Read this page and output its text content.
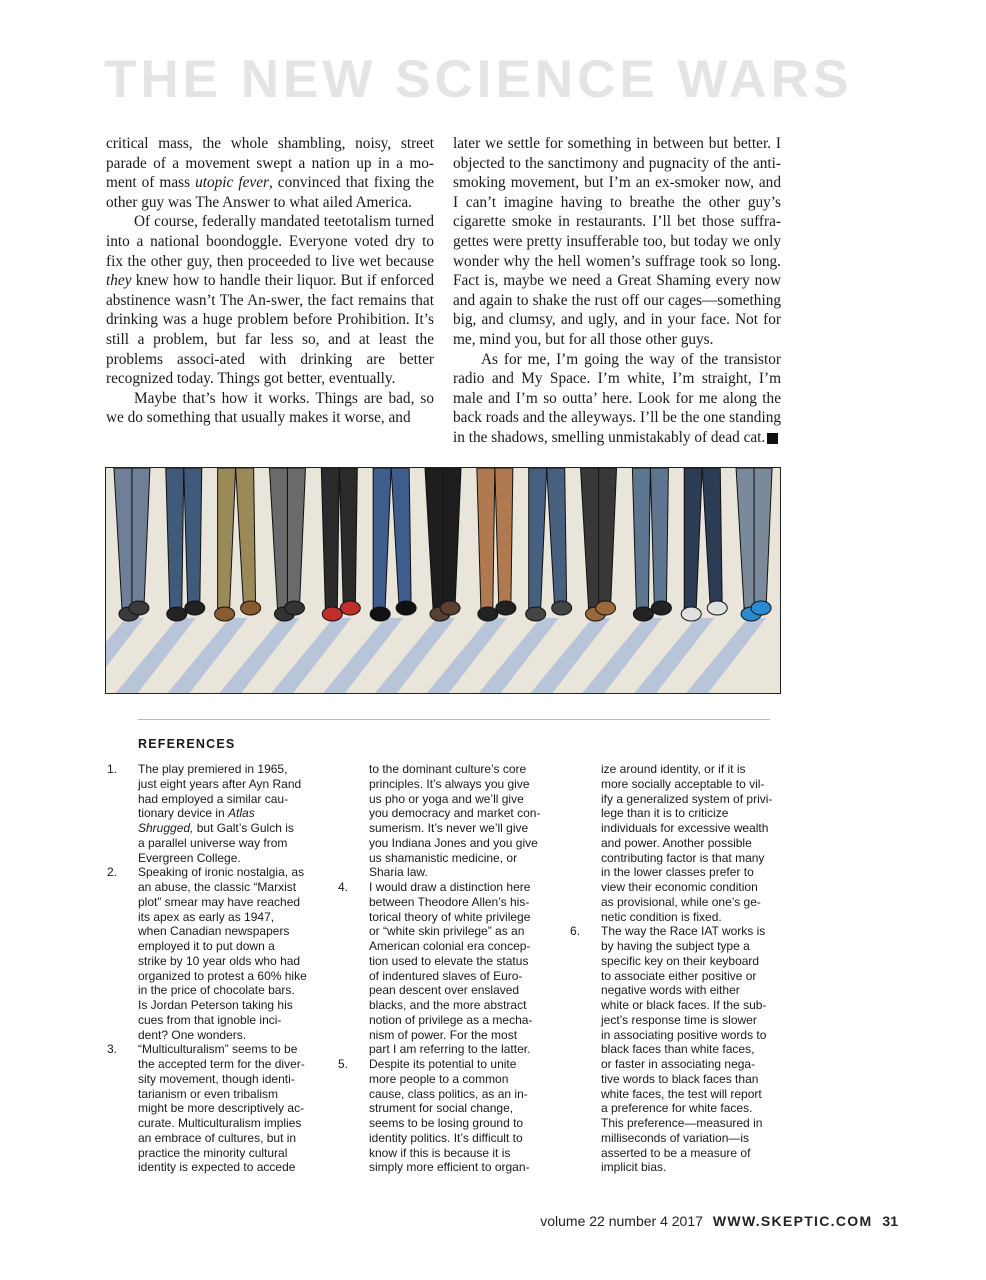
THE NEW SCIENCE WARS

critical mass, the whole shambling, noisy, street parade of a movement swept a nation up in a mo-ment of mass utopic fever, convinced that fixing the other guy was The Answer to what ailed America.

Of course, federally mandated teetotalism turned into a national boondoggle. Everyone voted dry to fix the other guy, then proceeded to live wet because they knew how to handle their liquor. But if enforced abstinence wasn’t The An-swer, the fact remains that drinking was a huge problem before Prohibition. It’s still a problem, but far less so, and at least the problems associ-ated with drinking are better recognized today. Things got better, eventually.

Maybe that’s how it works. Things are bad, so we do something that usually makes it worse, and

later we settle for something in between but better. I objected to the sanctimony and pugnacity of the anti-smoking movement, but I’m an ex-smoker now, and I can’t imagine having to breathe the other guy’s cigarette smoke in restaurants. I’ll bet those suffra-gettes were pretty insufferable too, but today we only wonder why the hell women’s suffrage took so long. Fact is, maybe we need a Great Shaming every now and again to shake the rust off our cages—something big, and clumsy, and ugly, and in your face. Not for me, mind you, but for all those other guys.

As for me, I’m going the way of the transistor radio and My Space. I’m white, I’m straight, I’m male and I’m so outta’ here. Look for me along the back roads and the alleyways. I’ll be the one standing in the shadows, smelling unmistakably of dead cat.	S

REFERENCES
1. The play premiered in 1965,
just eight years after Ayn Rand
had employed a similar cau-
tionary device in Atlas
Shrugged, but Galt’s Gulch is
a parallel universe way from
Evergreen College.
2. Speaking of ironic nostalgia, as
an abuse, the classic “Marxist
plot” smear may have reached
its apex as early as 1947,
when Canadian newspapers
employed it to put down a
strike by 10 year olds who had
organized to protest a 60% hike
in the price of chocolate bars.
Is Jordan Peterson taking his
cues from that ignoble inci-
dent? One wonders.
3. “Multiculturalism” seems to be
the accepted term for the diver-
sity movement, though identi-
tarianism or even tribalism
might be more descriptively ac-
curate. Multiculturalism implies
an embrace of cultures, but in
practice the minority cultural
identity is expected to accede
to the dominant culture’s core
principles. It’s always you give
us pho or yoga and we’ll give
you democracy and market con-
sumerism. It’s never we’ll give
you Indiana Jones and you give
us shamanistic medicine, or
Sharia law.
4. I would draw a distinction here
between Theodore Allen’s his-
torical theory of white privilege
or “white skin privilege” as an
American colonial era concep-
tion used to elevate the status
of indentured slaves of Euro-
pean descent over enslaved
blacks, and the more abstract
notion of privilege as a mecha-
nism of power. For the most
part I am referring to the latter.
5. Despite its potential to unite
more people to a common
cause, class politics, as an in-
strument for social change,
seems to be losing ground to
identity politics. It’s difficult to
know if this is because it is
simply more efficient to organ-
ize around identity, or if it is
more socially acceptable to vil-
ify a generalized system of privi-
lege than it is to criticize
individuals for excessive wealth
and power. Another possible
contributing factor is that many
in the lower classes prefer to
view their economic condition
as provisional, while one’s ge-
netic condition is fixed.
6. The way the Race IAT works is
by having the subject type a
specific key on their keyboard
to associate either positive or
negative words with either
white or black faces. If the sub-
ject’s response time is slower
in associating positive words to
black faces than white faces,
or faster in associating nega-
tive words to black faces than
white faces, the test will report
a preference for white faces.
This preference—measured in
milliseconds of variation—is
asserted to be a measure of
implicit bias.
volume 22 number 4 2017 WWW.SKEPTIC.COM 31
